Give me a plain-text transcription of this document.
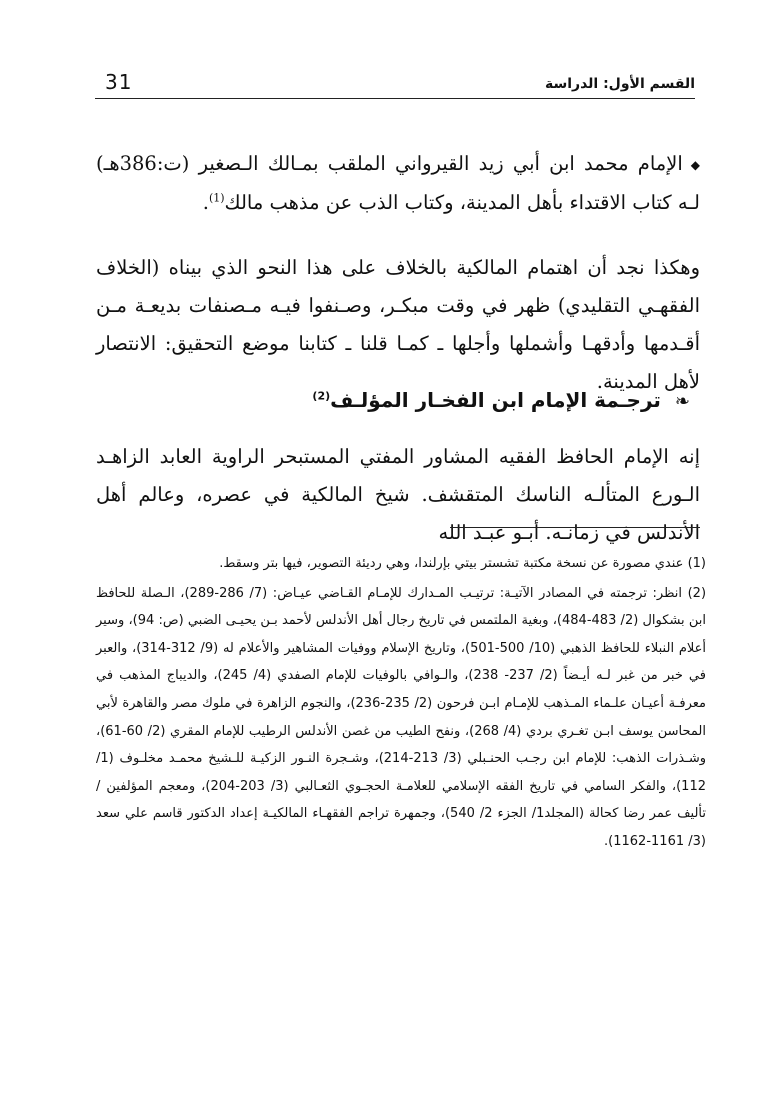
القسم الأول: الدراسة
31

◆الإمام محمد ابن أبي زيد القيرواني الملقب بمـالك الـصغير (ت:386هـ) لـه كتاب الاقتداء بأهل المدينة، وكتاب الذب عن مذهب مالك$^{(1)}$.

وهكذا نجد أن اهتمام المالكية بالخلاف على هذا النحو الذي بيناه (الخلاف الفقهـي التقليدي) ظهر في وقت مبكـر، وصـنفوا فيـه مـصنفات بديعـة مـن أقـدمها وأدقهـا وأشملها وأجلها ـ كمـا قلنا ـ كتابنا موضع التحقيق: الانتصار لأهل المدينة.

❧ترجـمة الإمام ابن الفخـار المؤلـف$^{(2)}$

إنه الإمام الحافظ الفقيه المشاور المفتي المستبحر الراوية العابد الزاهـد الـورع المتألـه الناسك المتقشف. شيخ المالكية في عصره، وعالم أهل الأندلس في زمانـه. أبـو عبـد الله

(1) عندي مصورة عن نسخة مكتبة تشستر بيتي بإرلندا، وهي رديئة التصوير، فيها بتر وسقط.

(2) انظر: ترجمته في المصادر الآتيـة: ترتيـب المـدارك للإمـام القـاضي عيـاض: (7/ 286-289)، الـصلة للحافظ ابن بشكوال (2/ 483-484)، وبغية الملتمس في تاريخ رجال أهل الأندلس لأحمد بـن يحيـى الضبي (ص: 94)، وسير أعلام النبلاء للحافظ الذهبي (10/ 500-501)، وتاريخ الإسلام ووفيات المشاهير والأعلام له (9/ 312-314)، والعبر في خبر من غبر لـه أيـضاً (2/ 237- 238)، والـوافي بالوفيات للإمام الصفدي (4/ 245)، والديباج المذهب في معرفـة أعيـان علـماء المـذهب للإمـام ابـن فرحون (2/ 235-236)، والنجوم الزاهرة في ملوك مصر والقاهرة لأبي المحاسن يوسف ابـن تغـري بردي (4/ 268)، ونفح الطيب من غصن الأندلس الرطيب للإمام المقري (2/ 60-61)، وشـذرات الذهب: للإمام ابن رجـب الحنـبلي (3/ 213-214)، وشـجرة النـور الزكيـة للـشيخ محمـد مخلـوف (1/ 112)، والفكر السامي في تاريخ الفقه الإسلامي للعلامـة الحجـوي الثعـالبي (3/ 203-204)، ومعجم المؤلفين / تأليف عمر رضا كحالة (المجلد1/ الجزء 2/ 540)، وجمهرة تراجم الفقهـاء المالكيـة إعداد الدكتور قاسم علي سعد (3/ 1161-1162).
